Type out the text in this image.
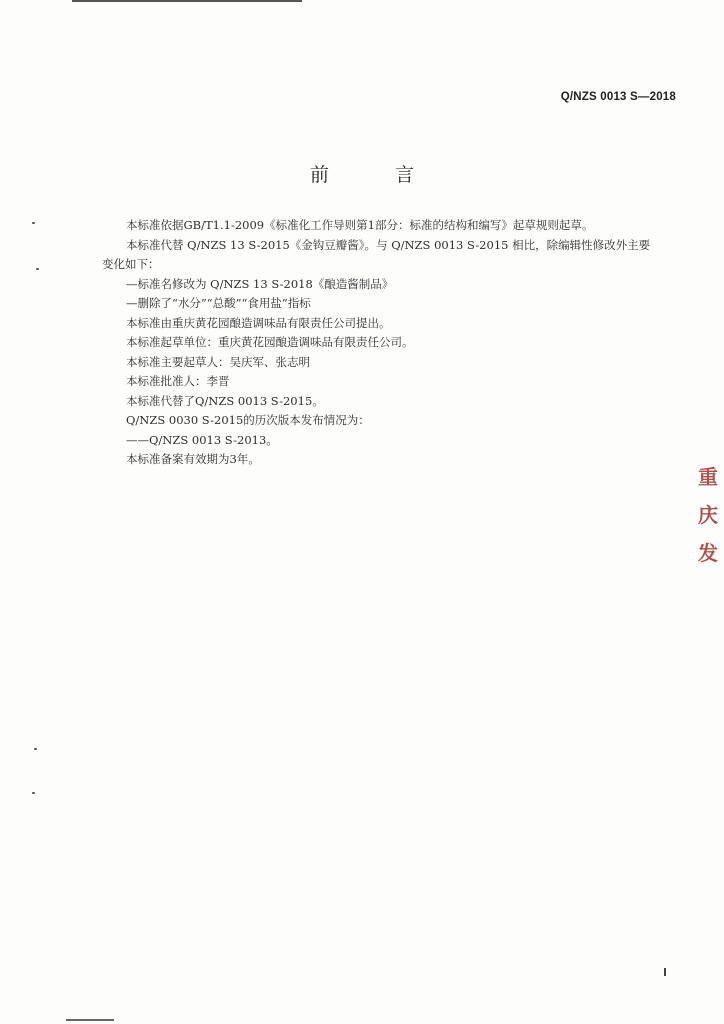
Q/NZS 0013 S—2018
前 言
本标准依据GB/T1.1-2009《标准化工作导则第1部分：标准的结构和编写》起草规则起草。
本标准代替 Q/NZS 13 S-2015《金钩豆瓣酱》。与 Q/NZS 0013 S-2015 相比，除编辑性修改外主要
变化如下：
—标准名修改为 Q/NZS 13 S-2018《酿造酱制品》
—删除了“水分”“总酸”“食用盐”指标
本标准由重庆黄花园酿造调味品有限责任公司提出。
本标准起草单位：重庆黄花园酿造调味品有限责任公司。
本标准主要起草人：吴庆军、张志明
本标准批准人：李晋
本标准代替了Q/NZS 0013 S-2015。
Q/NZS 0030 S-2015的历次版本发布情况为：
——Q/NZS 0013 S-2013。
本标准备案有效期为3年。
重
庆
发
